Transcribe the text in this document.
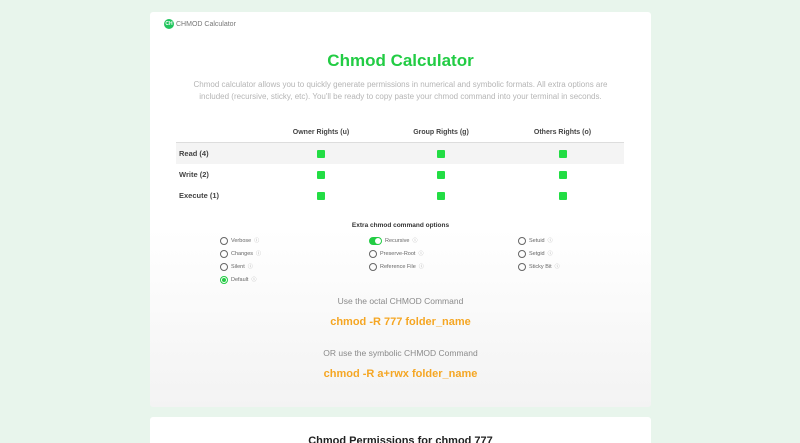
CH CHMOD Calculator
Chmod Calculator
Chmod calculator allows you to quickly generate permissions in numerical and symbolic formats. All extra options are included (recursive, sticky, etc). You'll be ready to copy paste your chmod command into your terminal in seconds.
Owner Rights (u)	Group Rights (g)	Others Rights (o)
Read (4)
Write (2)
Execute (1)
Extra chmod command options
Verbose ⓘ
Changes ⓘ
Silent ⓘ
Default ⓘ
Recursive ⓘ
Preserve-Root ⓘ
Reference File ⓘ
Setuid ⓘ
Setgid ⓘ
Sticky Bit ⓘ
Use the octal CHMOD Command
chmod -R 777 folder_name
OR use the symbolic CHMOD Command
chmod -R a+rwx folder_name
Chmod Permissions for chmod 777
